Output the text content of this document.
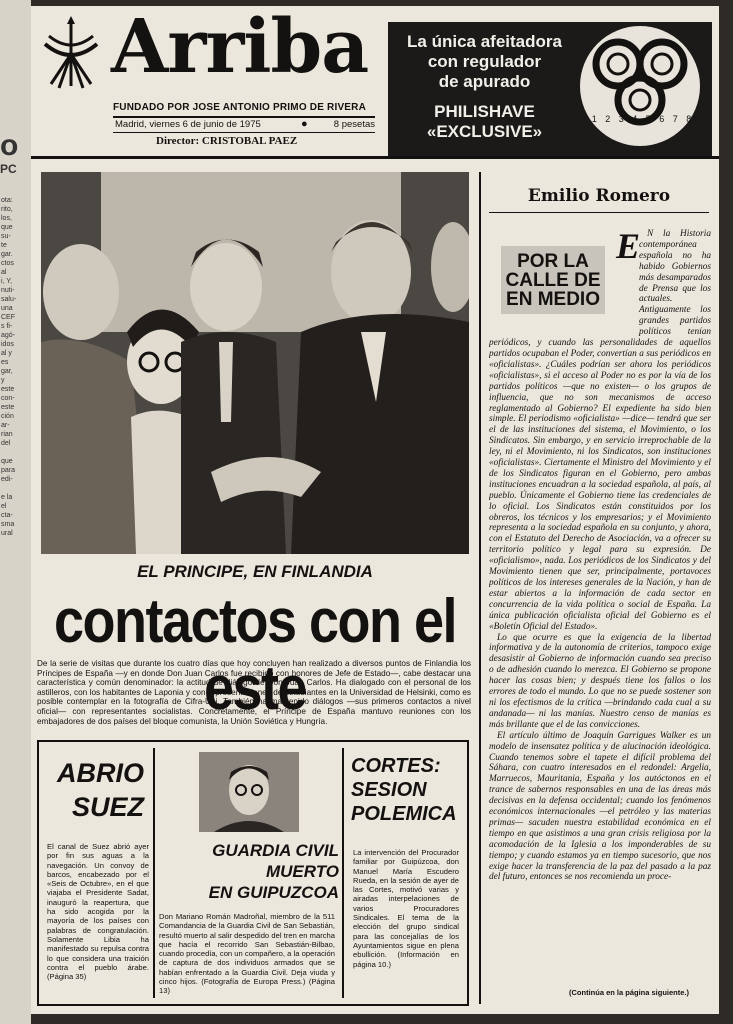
o
PC
ota:
rito,
los,
que
su-
te
gar.
ctos
al
i, Y,
nuti-
salu-
una
CEF
s fi-
agó-
idos
al y
es
gar,
y
este
con-
este
ción
ar-
rian
del

que
para
edi-

e la
el
cta-
sma
ural
Arriba
FUNDADO POR JOSE ANTONIO PRIMO DE RIVERA
Madrid, viernes 6 de junio de 1975	●	8 pesetas
Director: CRISTOBAL PAEZ
La única afeitadora
con regulador
de apurado
PHILISHAVE
«EXCLUSIVE»
1 2 3 4 5 6 7 8
EL PRINCIPE, EN FINLANDIA
contactos con el este
De la serie de visitas que durante los cuatro días que hoy concluyen han realizado a diversos puntos de Finlandia los Príncipes de España —y en donde Don Juan Carlos fue recibido con honores de Jefe de Estado—, cabe destacar una característica y común denominador: la actitud de diálogo de Don Juan Carlos. Ha dialogado con el personal de los astilleros, con los habitantes de Laponia y con representaciones de estudiantes en la Universidad de Helsinki, como es posible contemplar en la fotografía de Cifra-Upi. También ha mantenido diálogos —sus primeros contactos a nivel oficial— con representantes socialistas. Concretamente, el Príncipe de España mantuvo reuniones con los embajadores de dos países del bloque comunista, la Unión Soviética y Hungría.
ABRIO
SUEZ
El canal de Suez abrió ayer por fin sus aguas a la navegación. Un convoy de barcos, encabezado por el «Seis de Octubre», en el que viajaba el Presidente Sadat, inauguró la reapertura, que ha sido acogida por la mayoría de los países con palabras de congratulación. Solamente Libia ha manifestado su repulsa contra lo que considera una traición contra el pueblo árabe. (Página 35)
GUARDIA CIVIL
MUERTO
EN GUIPUZCOA
Don Mariano Román Madroñal, miembro de la 511 Comandancia de la Guardia Civil de San Sebastián, resultó muerto al salir despedido del tren en marcha que hacía el recorrido San Sebastián-Bilbao, cuando procedía, con un compañero, a la operación de captura de dos individuos armados que se habían enfrentado a la Guardia Civil. Deja viuda y cinco hijos. (Fotografía de Europa Press.) (Página 13)
CORTES:
SESION
POLEMICA
La intervención del Procurador familiar por Guipúzcoa, don Manuel María Escudero Rueda, en la sesión de ayer de las Cortes, motivó varias y airadas interpelaciones de varios Procuradores Sindicales. El tema de la elección del grupo sindical para las concejalías de los Ayuntamientos sigue en plena ebullición. (Información en página 10.)
Emilio Romero

N la Historia contemporánea española no ha habido Gobiernos más desamparados de Prensa que los actuales. Antiguamente los grandes partidos políticos tenían periódicos, y cuando las personalidades de aquellos partidos ocupaban el Poder, convertían a sus periódicos en «oficialistas». ¿Cuáles podrían ser ahora los periódicos «oficialistas», si el acceso al Poder no es por la vía de los partidos políticos —que no existen— o los grupos de influencia, que no son mecanismos de acceso reglamentado al Gobierno? El expediente ha sido bien simple. El periodismo «oficialista» —dice— tendrá que ser el de las instituciones del sistema, el Movimiento, o los Sindicatos. Sin embargo, y en servicio irreprochable de la ley, ni el Movimiento, ni los Sindicatos, son instituciones «oficialistas». Ciertamente el Ministro del Movimiento y el de los Sindicatos figuran en el Gobierno, pero ambas instituciones encuadran a la sociedad española, al país, al pueblo. Únicamente el Gobierno tiene las credenciales de lo oficial. Los Sindicatos están constituidos por los obreros, los técnicos y los empresarios; y el Movimiento representa a la sociedad española en su conjunto, y ahora, con el Estatuto del Derecho de Asociación, va a ofrecer su territorio político y legal para su expresión. De «oficialismo», nada. Los periódicos de los Sindicatos y del Movimiento tienen que ser, principalmente, portavoces políticos de los intereses generales de la Nación, y han de estar abiertos a la información de cada sector en concurrencia de la vida política o social de España. La única publicación oficialista oficial del Gobierno es el «Boletín Oficial del Estado».

Lo que ocurre es que la exigencia de la libertad informativa y de la autonomía de criterios, tampoco exige desasistir al Gobierno de información cuando sea preciso o de adhesión cuando lo merezca. El Gobierno se propone hacer las cosas bien; y después tiene los fallos o los errores de todo el mundo. Lo que no se puede sostener son ni los efectismos de la crítica —brindando cada cual a su andanada— ni las manías. Nuestro censo de manías es más brillante que el de las convicciones.

El artículo último de Joaquín Garrigues Walker es un modelo de insensatez política y de alucinación ideológica. Cuando tenemos sobre el tapete el difícil problema del Sáhara, con cuatro interesados en el redondel: Argelia, Marruecos, Mauritania, España y los autóctonos en el trance de sabernos responsables en una de las áreas más decisivas en la defensa occidental; cuando los fenómenos económicos internacionales —el petróleo y las materias primas— sacuden nuestra estabilidad económica en el tiempo en que asistimos a una gran crisis religiosa por la acomodación de la Iglesia a los imponderables de su tiempo; y cuando estamos ya en tiempo sucesorio, que nos exige hacer la transferencia de la paz del pasado a la paz del futuro, entonces se nos recomienda un proce-

POR LA CALLE DE EN MEDIO
E
(Continúa en la página siguiente.)
